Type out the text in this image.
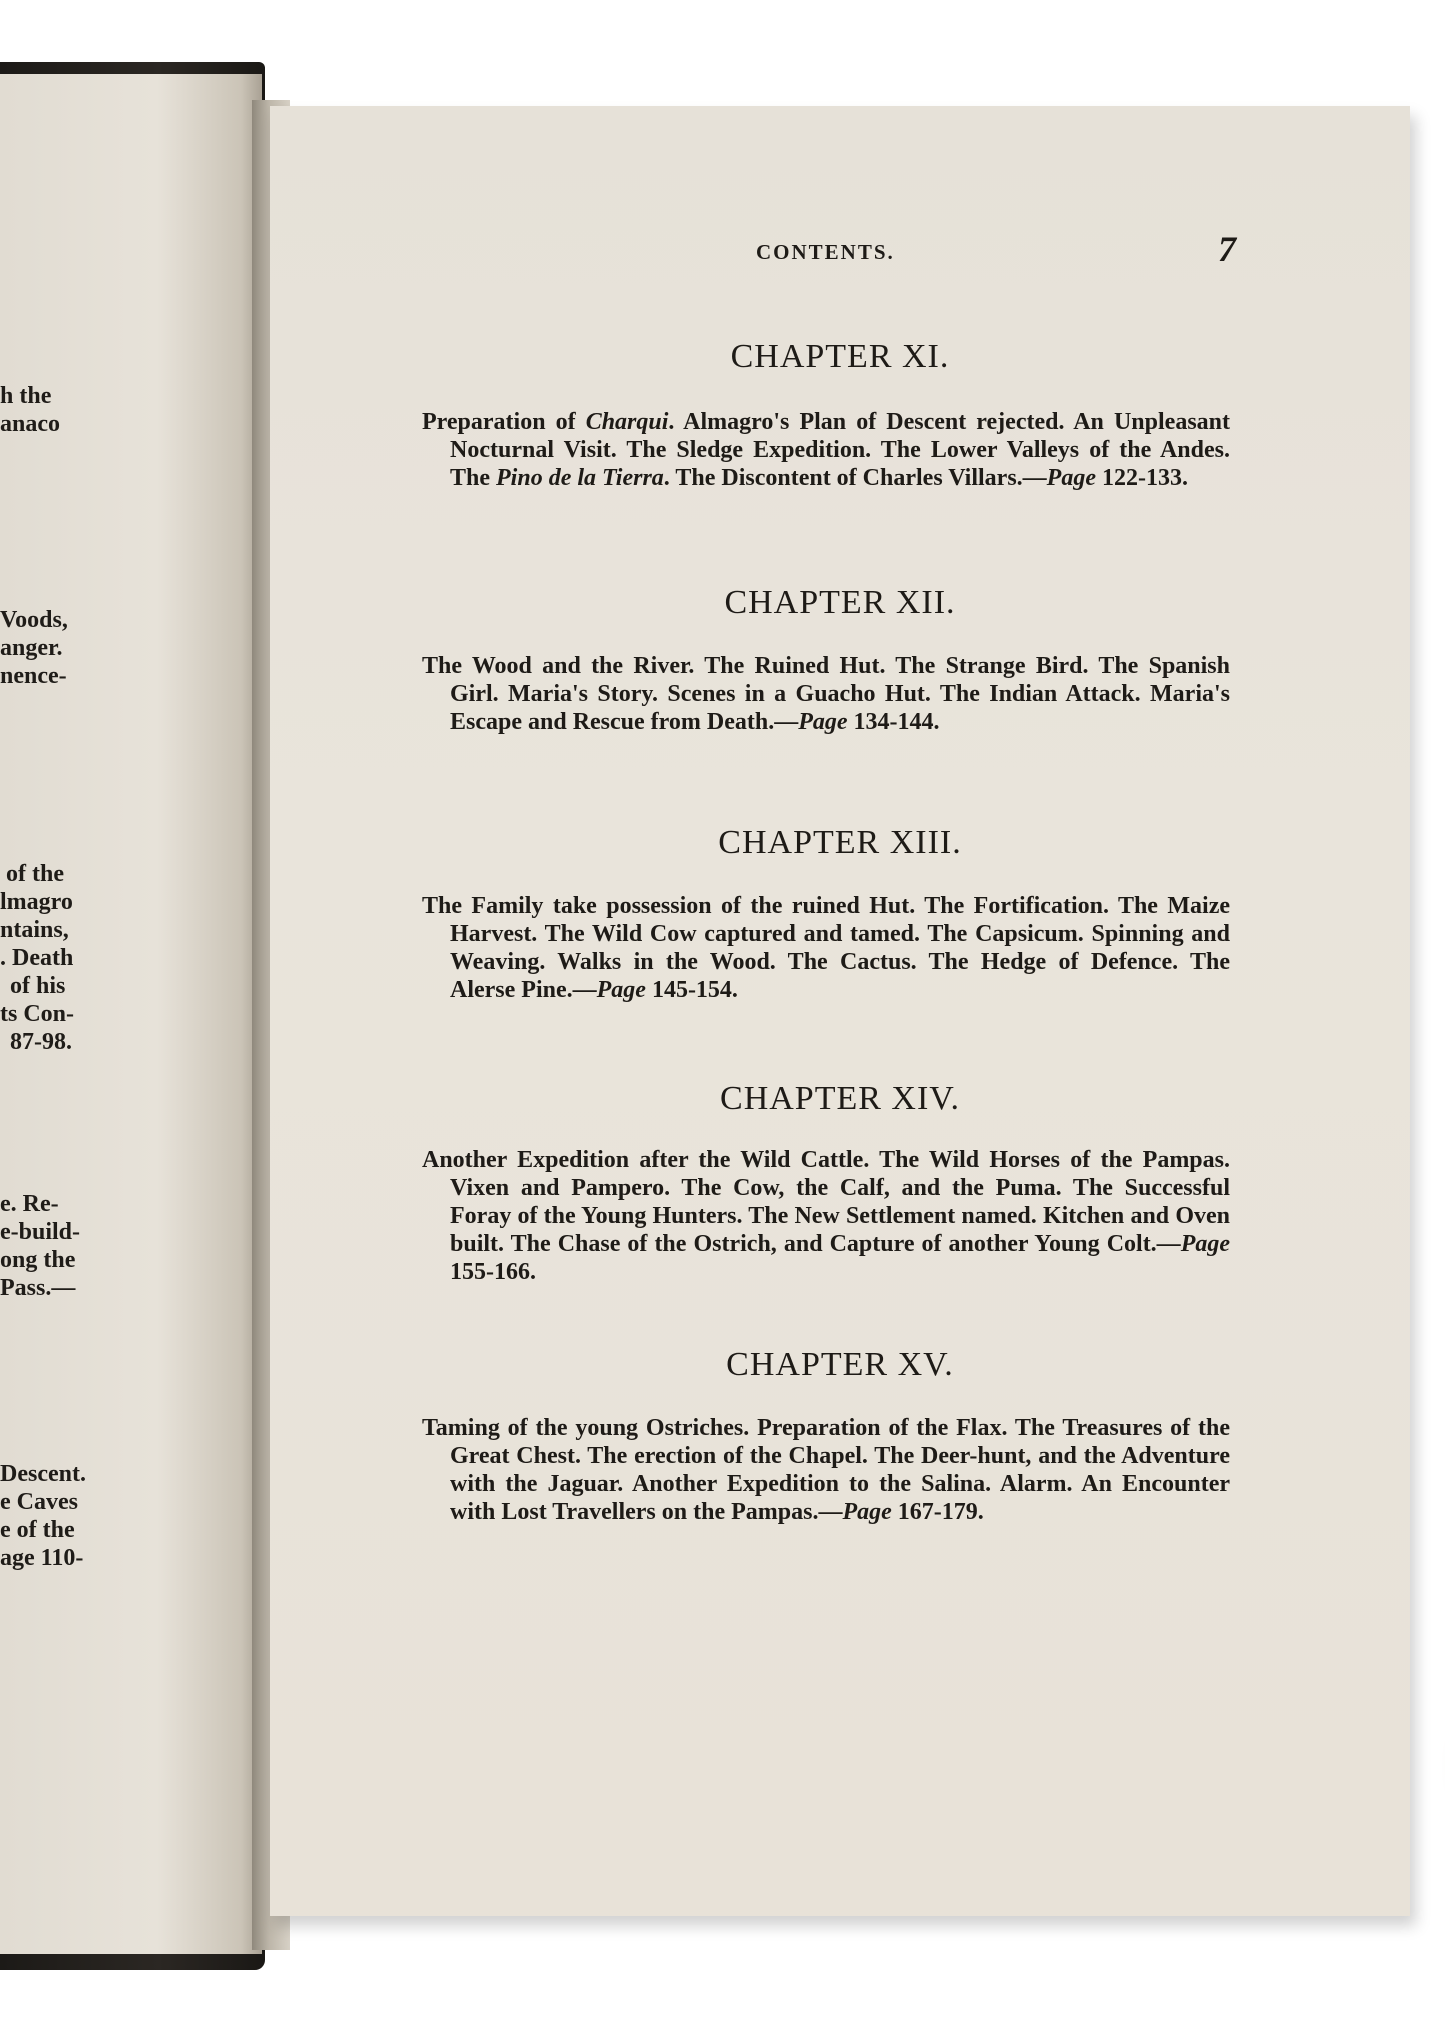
h the
anaco
Voods,
anger.
nence-
of the
lmagro
ntains,
. Death
of his
ts Con-
87-98.
e. Re-
e-build-
ong the
Pass.—
Descent.
e Caves
e of the
age 110-
CONTENTS.	7
CHAPTER XI.
Preparation of Charqui. Almagro's Plan of Descent rejected. An Unpleasant Nocturnal Visit. The Sledge Expedition. The Lower Valleys of the Andes. The Pino de la Tierra. The Discontent of Charles Villars.—Page 122-133.
CHAPTER XII.
The Wood and the River. The Ruined Hut. The Strange Bird. The Spanish Girl. Maria's Story. Scenes in a Guacho Hut. The Indian Attack. Maria's Escape and Rescue from Death.—Page 134-144.
CHAPTER XIII.
The Family take possession of the ruined Hut. The Fortification. The Maize Harvest. The Wild Cow captured and tamed. The Capsicum. Spinning and Weaving. Walks in the Wood. The Cactus. The Hedge of Defence. The Alerse Pine.—Page 145-154.
CHAPTER XIV.
Another Expedition after the Wild Cattle. The Wild Horses of the Pampas. Vixen and Pampero. The Cow, the Calf, and the Puma. The Successful Foray of the Young Hunters. The New Settlement named. Kitchen and Oven built. The Chase of the Ostrich, and Capture of another Young Colt.—Page 155-166.
CHAPTER XV.
Taming of the young Ostriches. Preparation of the Flax. The Treasures of the Great Chest. The erection of the Chapel. The Deer-hunt, and the Adventure with the Jaguar. Another Expedition to the Salina. Alarm. An Encounter with Lost Travellers on the Pampas.—Page 167-179.
